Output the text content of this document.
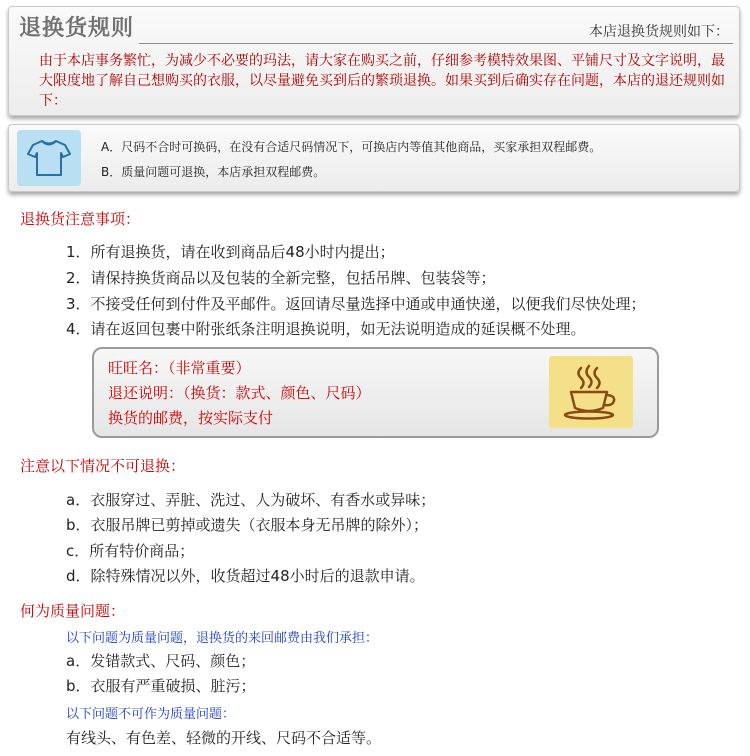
退换货规则	本店退换货规则如下：
由于本店事务繁忙，为减少不必要的玛法，请大家在购买之前，仔细参考模特效果图、平铺尺寸及文字说明，最大限度地了解自己想购买的衣服，以尽量避免买到后的繁琐退换。如果买到后确实存在问题，本店的退还规则如下：
A．尺码不合时可换码，在没有合适尺码情况下，可换店内等值其他商品，买家承担双程邮费。
B．质量问题可退换，本店承担双程邮费。
退换货注意事项：
1．所有退换货，请在收到商品后48小时内提出；
2．请保持换货商品以及包装的全新完整，包括吊牌、包装袋等；
3．不接受任何到付件及平邮件。返回请尽量选择中通或申通快递，以便我们尽快处理；
4．请在返回包裹中附张纸条注明退换说明，如无法说明造成的延误概不处理。
旺旺名：（非常重要）
退还说明：（换货：款式、颜色、尺码）
换货的邮费，按实际支付
注意以下情况不可退换：
a．衣服穿过、弄脏、洗过、人为破坏、有香水或异味；
b．衣服吊牌已剪掉或遗失（衣服本身无吊牌的除外）；
c．所有特价商品；
d．除特殊情况以外，收货超过48小时后的退款申请。
何为质量问题：
以下问题为质量问题，退换货的来回邮费由我们承担：
a．发错款式、尺码、颜色；
b．衣服有严重破损、脏污；
以下问题不可作为质量问题：
有线头、有色差、轻微的开线、尺码不合适等。
